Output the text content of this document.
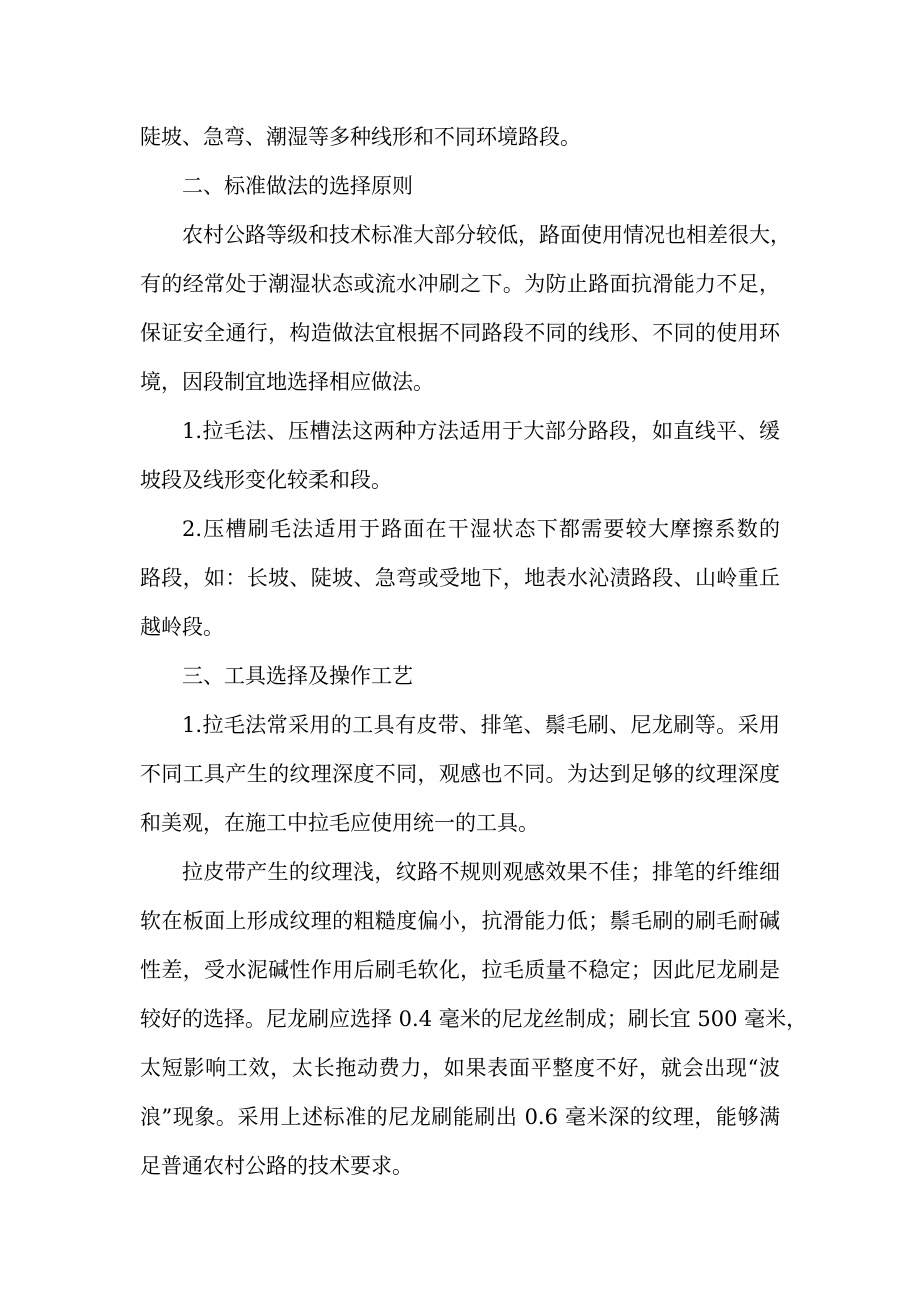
陡坡、急弯、潮湿等多种线形和不同环境路段。
二、标准做法的选择原则
农村公路等级和技术标准大部分较低，路面使用情况也相差很大，
有的经常处于潮湿状态或流水冲刷之下。为防止路面抗滑能力不足，
保证安全通行，构造做法宜根据不同路段不同的线形、不同的使用环
境，因段制宜地选择相应做法。
1.拉毛法、压槽法这两种方法适用于大部分路段，如直线平、缓
坡段及线形变化较柔和段。
2.压槽刷毛法适用于路面在干湿状态下都需要较大摩擦系数的
路段，如：长坡、陡坡、急弯或受地下，地表水沁渍路段、山岭重丘
越岭段。
三、工具选择及操作工艺
1.拉毛法常采用的工具有皮带、排笔、鬃毛刷、尼龙刷等。采用
不同工具产生的纹理深度不同，观感也不同。为达到足够的纹理深度
和美观，在施工中拉毛应使用统一的工具。
拉皮带产生的纹理浅，纹路不规则观感效果不佳；排笔的纤维细
软在板面上形成纹理的粗糙度偏小，抗滑能力低；鬃毛刷的刷毛耐碱
性差，受水泥碱性作用后刷毛软化，拉毛质量不稳定；因此尼龙刷是
较好的选择。尼龙刷应选择 0.4 毫米的尼龙丝制成；刷长宜 500 毫米，
太短影响工效，太长拖动费力，如果表面平整度不好，就会出现“波
浪”现象。采用上述标准的尼龙刷能刷出 0.6 毫米深的纹理，能够满
足普通农村公路的技术要求。
